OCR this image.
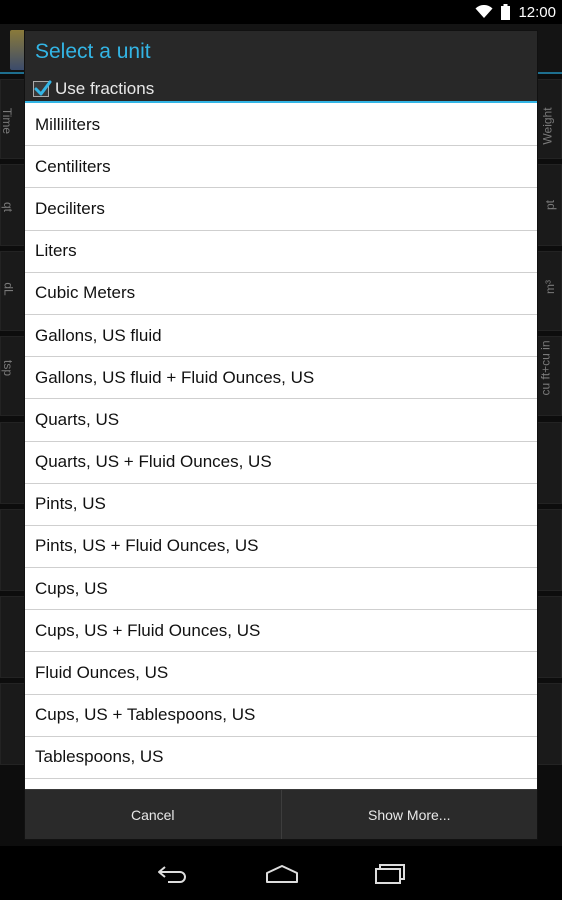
12:00
Time
qt
dL
tsp
Weight
pt
m³
cu ft+cu in
Select a unit
Use fractions
Milliliters
Centiliters
Deciliters
Liters
Cubic Meters
Gallons, US fluid
Gallons, US fluid + Fluid Ounces, US
Quarts, US
Quarts, US + Fluid Ounces, US
Pints, US
Pints, US + Fluid Ounces, US
Cups, US
Cups, US + Fluid Ounces, US
Fluid Ounces, US
Cups, US + Tablespoons, US
Tablespoons, US
Cancel	Show More...
